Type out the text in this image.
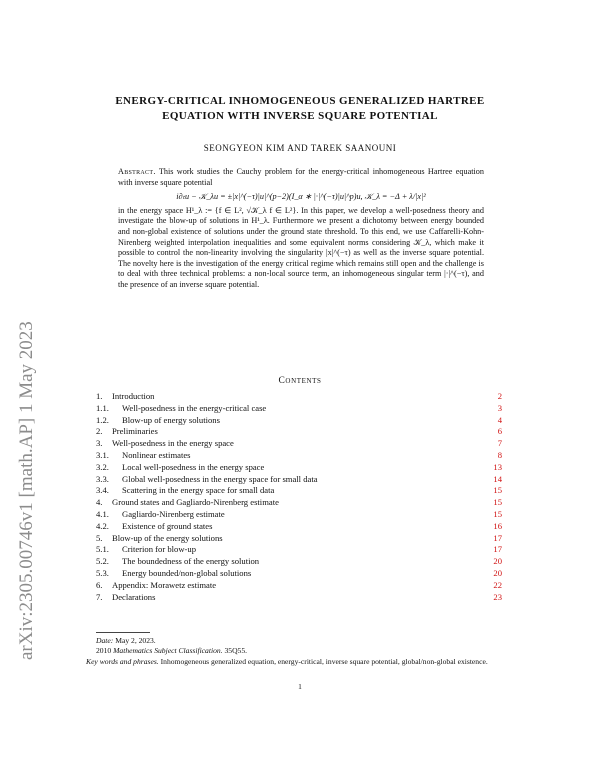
arXiv:2305.00746v1 [math.AP] 1 May 2023
ENERGY-CRITICAL INHOMOGENEOUS GENERALIZED HARTREE
EQUATION WITH INVERSE SQUARE POTENTIAL
SEONGYEON KIM AND TAREK SAANOUNI
Abstract. This work studies the Cauchy problem for the energy-critical inhomogeneous Hartree equation with inverse square potential
i∂ₜu − 𝒦_λu = ±|x|^(−τ)|u|^(p−2)(I_α ∗ |·|^(−τ)|u|^p)u, 𝒦_λ = −Δ + λ/|x|²
in the energy space H¹_λ := {f ∈ L², √𝒦_λ f ∈ L²}. In this paper, we develop a well-posedness theory and investigate the blow-up of solutions in H¹_λ. Furthermore we present a dichotomy between energy bounded and non-global existence of solutions under the ground state threshold. To this end, we use Caffarelli-Kohn-Nirenberg weighted interpolation inequalities and some equivalent norms considering 𝒦_λ, which make it possible to control the non-linearity involving the singularity |x|^(−τ) as well as the inverse square potential. The novelty here is the investigation of the energy critical regime which remains still open and the challenge is to deal with three technical problems: a non-local source term, an inhomogeneous singular term |·|^(−τ), and the presence of an inverse square potential.
Contents
1. Introduction	2
1.1. Well-posedness in the energy-critical case	3
1.2. Blow-up of energy solutions	4
2. Preliminaries	6
3. Well-posedness in the energy space	7
3.1. Nonlinear estimates	8
3.2. Local well-posedness in the energy space	13
3.3. Global well-posedness in the energy space for small data	14
3.4. Scattering in the energy space for small data	15
4. Ground states and Gagliardo-Nirenberg estimate	15
4.1. Gagliardo-Nirenberg estimate	15
4.2. Existence of ground states	16
5. Blow-up of the energy solutions	17
5.1. Criterion for blow-up	17
5.2. The boundedness of the energy solution	20
5.3. Energy bounded/non-global solutions	20
6. Appendix: Morawetz estimate	22
7. Declarations	23
Date: May 2, 2023.
2010 Mathematics Subject Classification. 35Q55.
Key words and phrases. Inhomogeneous generalized equation, energy-critical, inverse square potential, global/non-global existence.
1
